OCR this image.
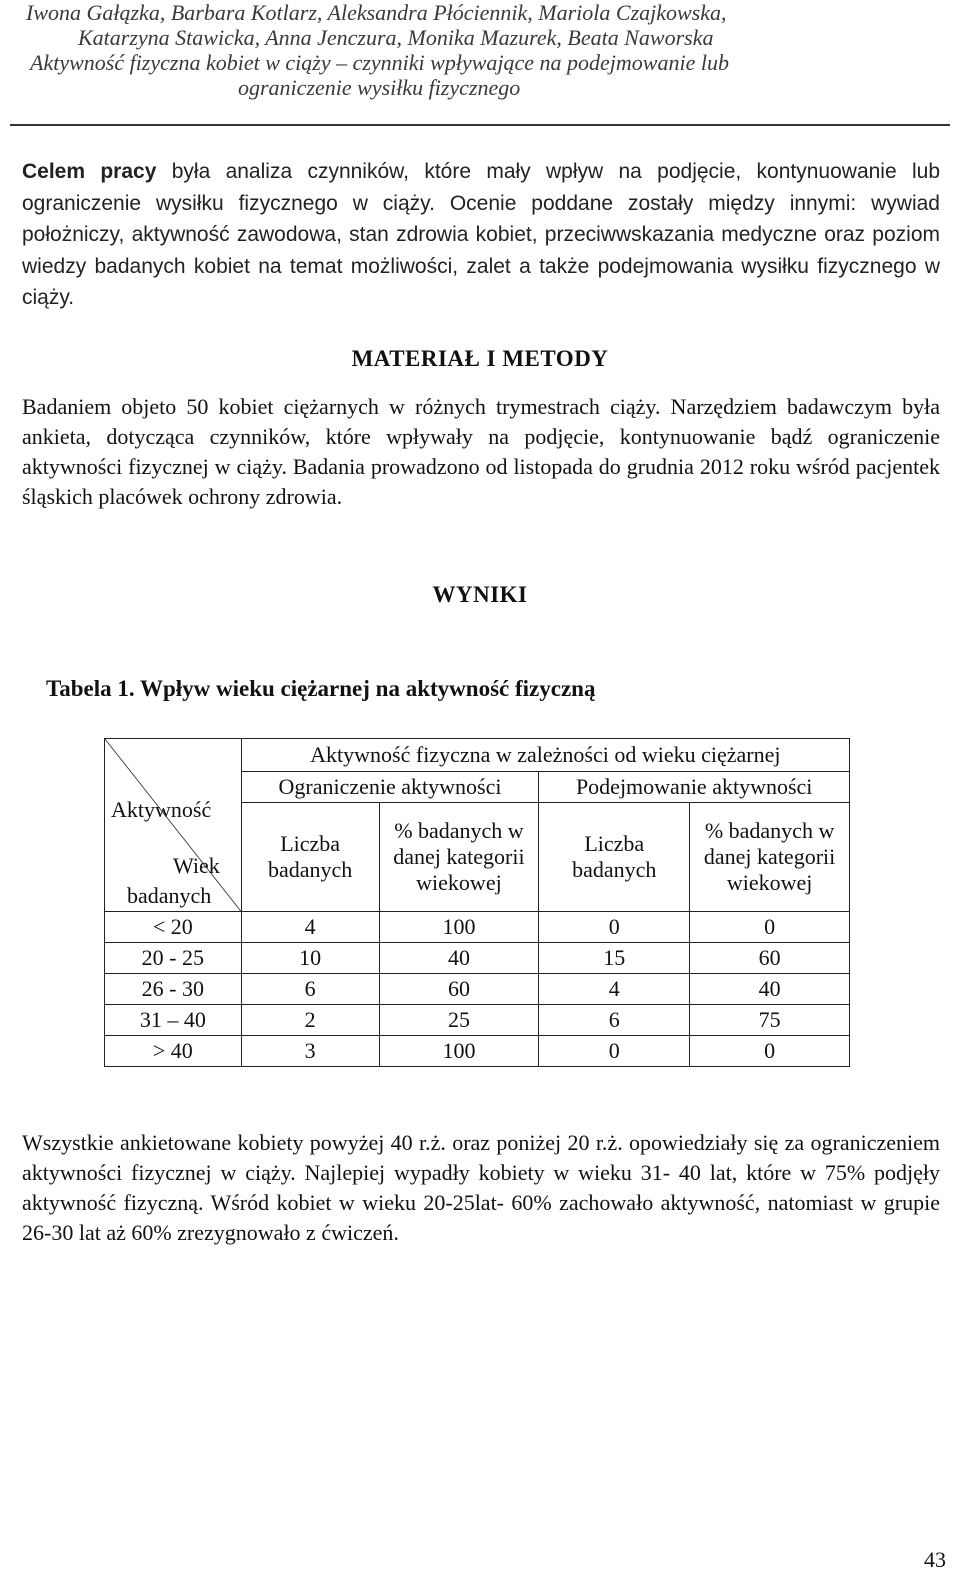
Iwona Gałązka, Barbara Kotlarz, Aleksandra Płóciennik, Mariola Czajkowska,
Katarzyna Stawicka, Anna Jenczura, Monika Mazurek, Beata Naworska
Aktywność fizyczna kobiet w ciąży – czynniki wpływające na podejmowanie lub
ograniczenie wysiłku fizycznego

Celem pracy była analiza czynników, które mały wpływ na podjęcie, kontynuowanie lub ograniczenie wysiłku fizycznego w ciąży. Ocenie poddane zostały między innymi: wywiad położniczy, aktywność zawodowa, stan zdrowia kobiet, przeciwwskazania medyczne oraz poziom wiedzy badanych kobiet na temat możliwości, zalet a także podejmowania wysiłku fizycznego w ciąży.

MATERIAŁ I METODY

Badaniem objeto 50 kobiet ciężarnych w różnych trymestrach ciąży. Narzędziem badawczym była ankieta, dotycząca czynników, które wpływały na podjęcie, kontynuowanie bądź ograniczenie aktywności fizycznej w ciąży. Badania prowadzono od listopada do grudnia 2012 roku wśród pacjentek śląskich placówek ochrony zdrowia.

WYNIKI
Tabela 1. Wpływ wieku ciężarnej na aktywność fizyczną
Aktywność
Wiek
badanych	Aktywność fizyczna w zależności od wieku ciężarnej			
	Ograniczenie aktywności		Podejmowanie aktywności	
	Liczba badanych	% badanych w danej kategorii wiekowej	Liczba badanych	% badanych w danej kategorii wiekowej
< 20	4	100	0	0
20 - 25	10	40	15	60
26 - 30	6	60	4	40
31 – 40	2	25	6	75
> 40	3	100	0	0

Wszystkie ankietowane kobiety powyżej 40 r.ż. oraz poniżej 20 r.ż. opowiedziały się za ograniczeniem aktywności fizycznej w ciąży. Najlepiej wypadły kobiety w wieku 31- 40 lat, które w 75% podjęły aktywność fizyczną. Wśród kobiet w wieku 20-25lat- 60% zachowało aktywność, natomiast w grupie 26-30 lat aż 60% zrezygnowało z ćwiczeń.

43
